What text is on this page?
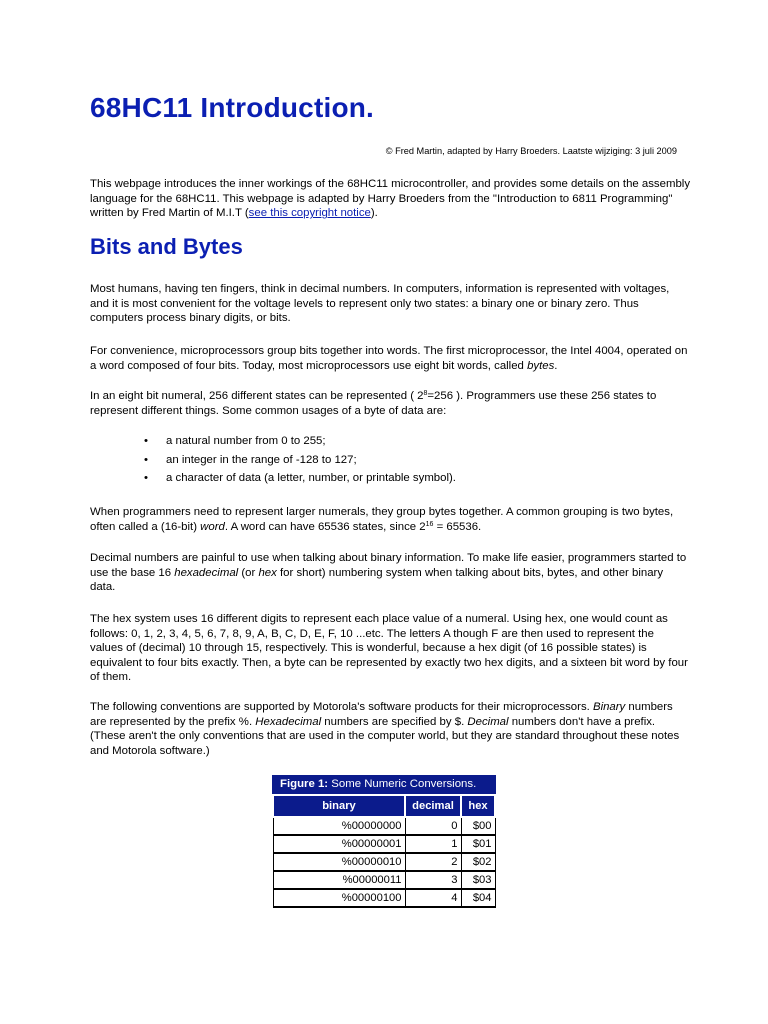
68HC11 Introduction.
© Fred Martin, adapted by Harry Broeders. Laatste wijziging: 3 juli 2009

This webpage introduces the inner workings of the 68HC11 microcontroller, and provides some details on the assembly language for the 68HC11. This webpage is adapted by Harry Broeders from the "Introduction to 6811 Programming" written by Fred Martin of M.I.T (see this copyright notice).

Bits and Bytes

Most humans, having ten fingers, think in decimal numbers. In computers, information is represented with voltages, and it is most convenient for the voltage levels to represent only two states: a binary one or binary zero. Thus computers process binary digits, or bits.

For convenience, microprocessors group bits together into words. The first microprocessor, the Intel 4004, operated on a word composed of four bits. Today, most microprocessors use eight bit words, called bytes.

In an eight bit numeral, 256 different states can be represented ( $2^8=256$ ). Programmers use these 256 states to represent different things. Some common usages of a byte of data are:

• a natural number from 0 to 255;
• an integer in the range of -128 to 127;
• a character of data (a letter, number, or printable symbol).

When programmers need to represent larger numerals, they group bytes together. A common grouping is two bytes, often called a (16-bit) word. A word can have 65536 states, since $2^{16} = 65536$.

Decimal numbers are painful to use when talking about binary information. To make life easier, programmers started to use the base 16 hexadecimal (or hex for short) numbering system when talking about bits, bytes, and other binary data.

The hex system uses 16 different digits to represent each place value of a numeral. Using hex, one would count as follows: 0, 1, 2, 3, 4, 5, 6, 7, 8, 9, A, B, C, D, E, F, 10 ...etc. The letters A though F are then used to represent the values of (decimal) 10 through 15, respectively. This is wonderful, because a hex digit (of 16 possible states) is equivalent to four bits exactly. Then, a byte can be represented by exactly two hex digits, and a sixteen bit word by four of them.

The following conventions are supported by Motorola's software products for their microprocessors. Binary numbers are represented by the prefix %. Hexadecimal numbers are specified by $. Decimal numbers don't have a prefix. (These aren't the only conventions that are used in the computer world, but they are standard throughout these notes and Motorola software.)

Figure 1: Some Numeric Conversions.
binary	decimal	hex
%00000000	0	$00
%00000001	1	$01
%00000010	2	$02
%00000011	3	$03
%00000100	4	$04
